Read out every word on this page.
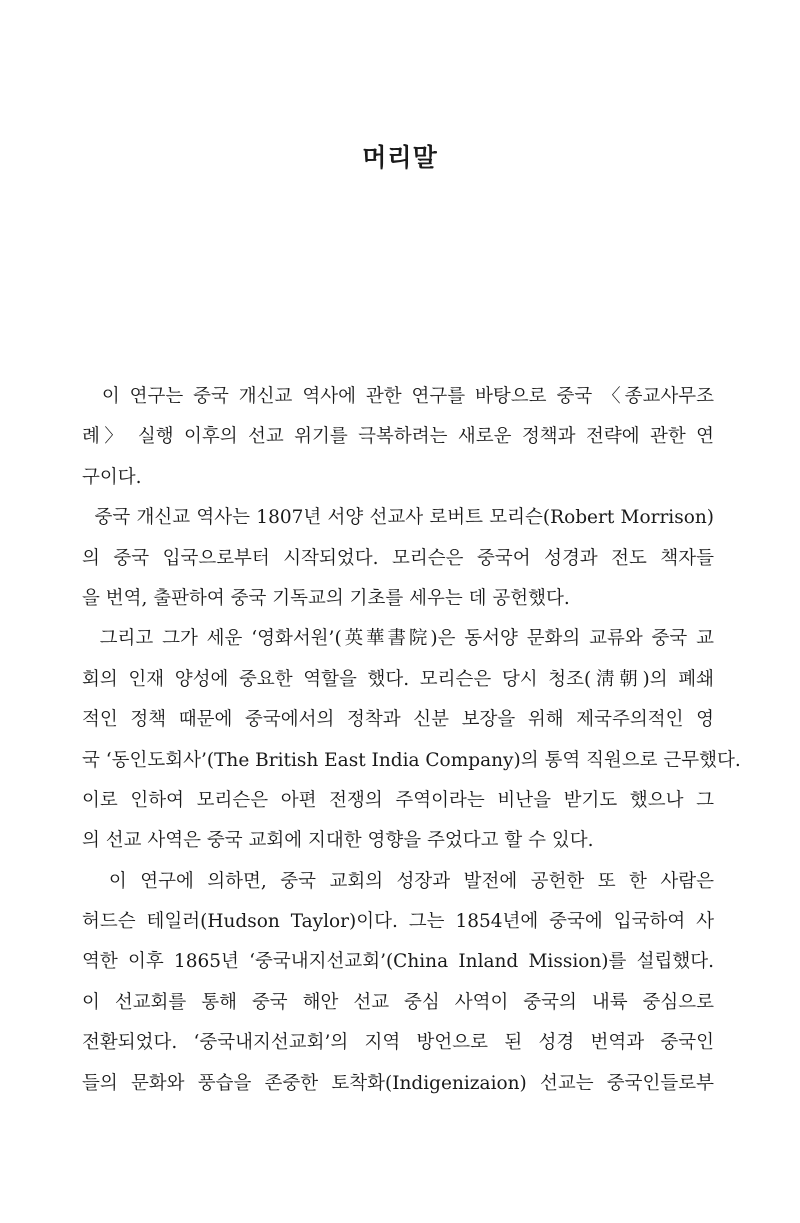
머리말
이 연구는 중국 개신교 역사에 관한 연구를 바탕으로 중국 〈종교사무조
례〉 실행 이후의 선교 위기를 극복하려는 새로운 정책과 전략에 관한 연
구이다.
중국 개신교 역사는 1807년 서양 선교사 로버트 모리슨(Robert Morrison)
의 중국 입국으로부터 시작되었다. 모리슨은 중국어 성경과 전도 책자들
을 번역, 출판하여 중국 기독교의 기초를 세우는 데 공헌했다.
그리고 그가 세운 ‘영화서원’(英華書院)은 동서양 문화의 교류와 중국 교
회의 인재 양성에 중요한 역할을 했다. 모리슨은 당시 청조(淸朝)의 폐쇄
적인 정책 때문에 중국에서의 정착과 신분 보장을 위해 제국주의적인 영
국 ‘동인도회사’(The British East India Company)의 통역 직원으로 근무했다.
이로 인하여 모리슨은 아편 전쟁의 주역이라는 비난을 받기도 했으나 그
의 선교 사역은 중국 교회에 지대한 영향을 주었다고 할 수 있다.
이 연구에 의하면, 중국 교회의 성장과 발전에 공헌한 또 한 사람은
허드슨 테일러(Hudson Taylor)이다. 그는 1854년에 중국에 입국하여 사
역한 이후 1865년 ‘중국내지선교회’(China Inland Mission)를 설립했다.
이 선교회를 통해 중국 해안 선교 중심 사역이 중국의 내륙 중심으로
전환되었다. ‘중국내지선교회’의 지역 방언으로 된 성경 번역과 중국인
들의 문화와 풍습을 존중한 토착화(Indigenizaion) 선교는 중국인들로부
